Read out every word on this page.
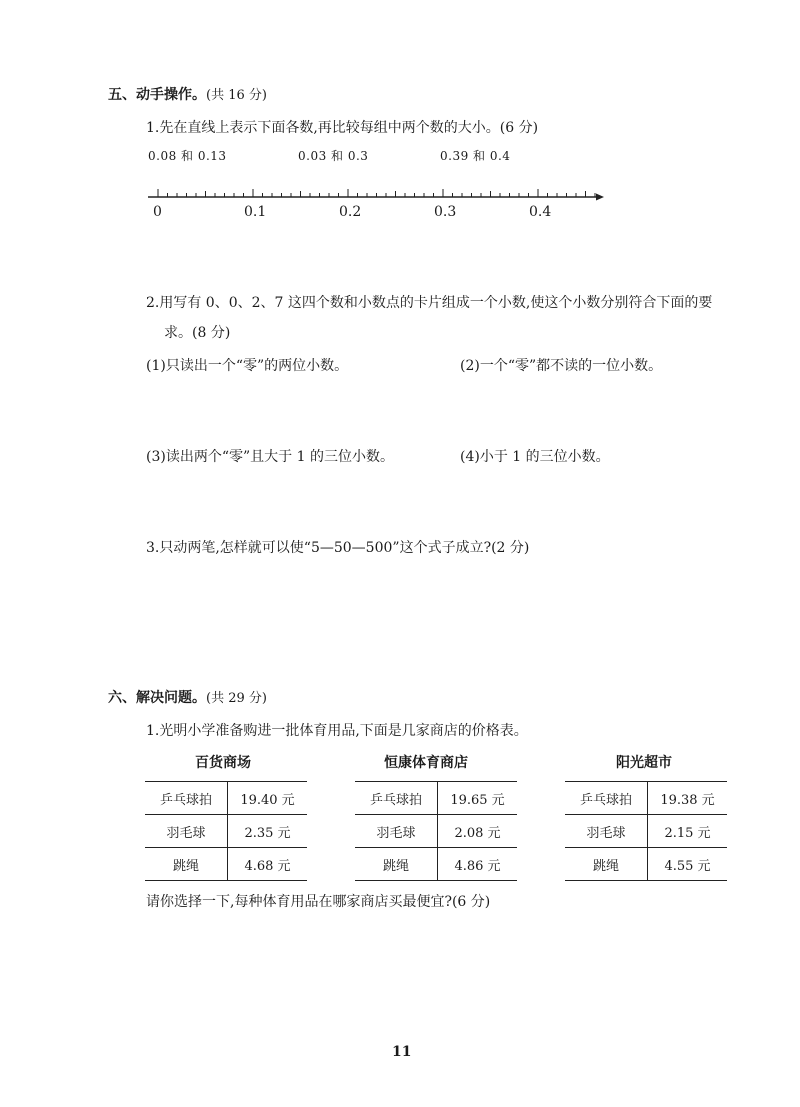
五、动手操作。(共 16 分)
1.先在直线上表示下面各数,再比较每组中两个数的大小。(6 分)
0.08 和 0.13	0.03 和 0.3	0.39 和 0.4
0	0.1	0.2	0.3	0.4
2.用写有 0、0、2、7 这四个数和小数点的卡片组成一个小数,使这个小数分别符合下面的要
求。(8 分)
(1)只读出一个“零”的两位小数。	(2)一个“零”都不读的一位小数。
(3)读出两个“零”且大于 1 的三位小数。	(4)小于 1 的三位小数。
3.只动两笔,怎样就可以使“5—50—500”这个式子成立?(2 分)
六、解决问题。(共 29 分)
1.光明小学准备购进一批体育用品,下面是几家商店的价格表。
百货商场	恒康体育商店	阳光超市
乒乓球拍	19.40 元
羽毛球	2.35 元
跳绳	4.68 元
乒乓球拍	19.65 元
羽毛球	2.08 元
跳绳	4.86 元
乒乓球拍	19.38 元
羽毛球	2.15 元
跳绳	4.55 元
请你选择一下,每种体育用品在哪家商店买最便宜?(6 分)
11
